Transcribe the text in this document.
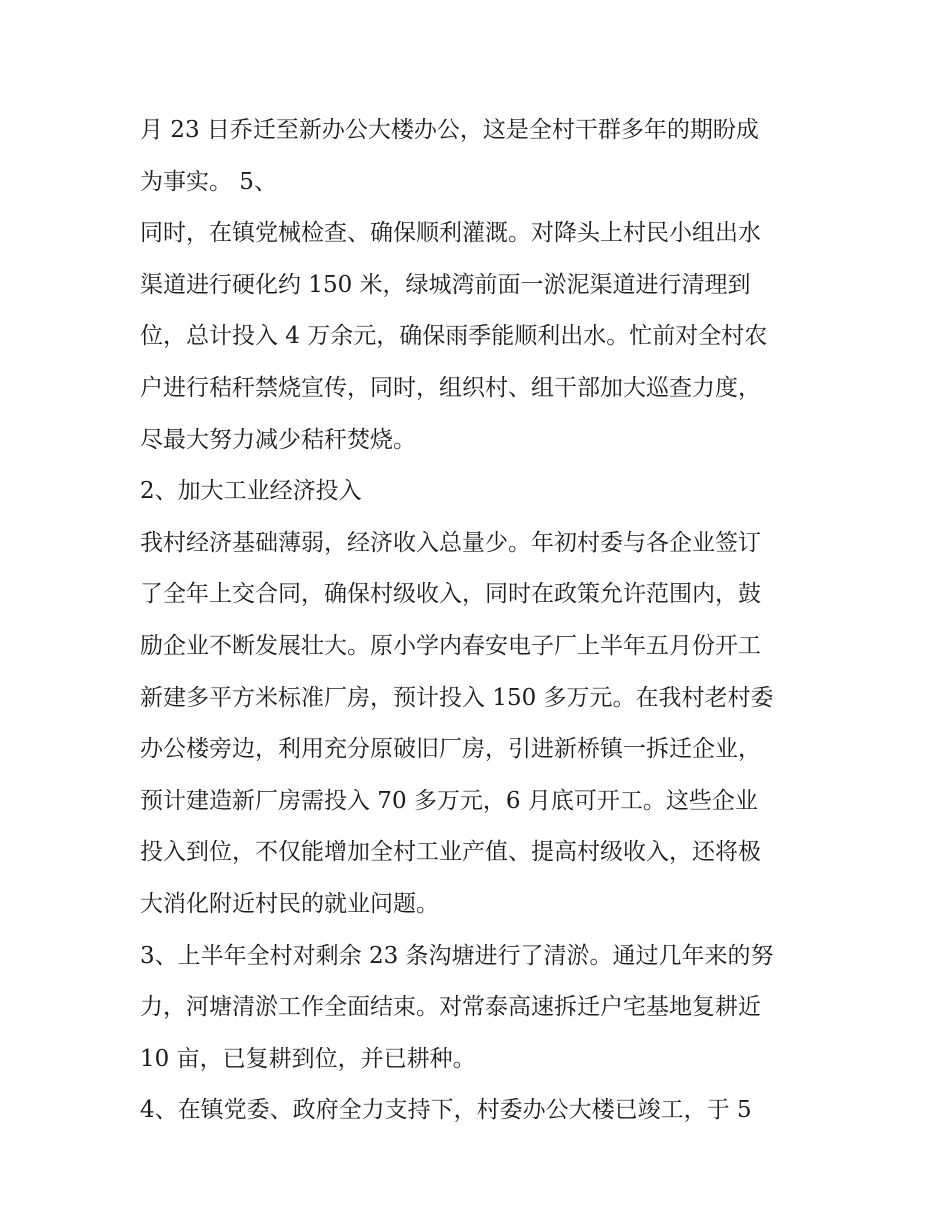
月 23 日乔迁至新办公大楼办公，这是全村干群多年的期盼成
为事实。 5、
同时，在镇党械检查、确保顺利灌溉。对降头上村民小组出水
渠道进行硬化约 150 米，绿城湾前面一淤泥渠道进行清理到
位，总计投入 4 万余元，确保雨季能顺利出水。忙前对全村农
户进行秸秆禁烧宣传，同时，组织村、组干部加大巡查力度，
尽最大努力减少秸秆焚烧。
2、加大工业经济投入
我村经济基础薄弱，经济收入总量少。年初村委与各企业签订
了全年上交合同，确保村级收入，同时在政策允许范围内，鼓
励企业不断发展壮大。原小学内春安电子厂上半年五月份开工
新建多平方米标准厂房，预计投入 150 多万元。在我村老村委
办公楼旁边，利用充分原破旧厂房，引进新桥镇一拆迁企业，
预计建造新厂房需投入 70 多万元，6 月底可开工。这些企业
投入到位，不仅能增加全村工业产值、提高村级收入，还将极
大消化附近村民的就业问题。
3、上半年全村对剩余 23 条沟塘进行了清淤。通过几年来的努
力，河塘清淤工作全面结束。对常泰高速拆迁户宅基地复耕近
10 亩，已复耕到位，并已耕种。
4、在镇党委、政府全力支持下，村委办公大楼已竣工，于 5
